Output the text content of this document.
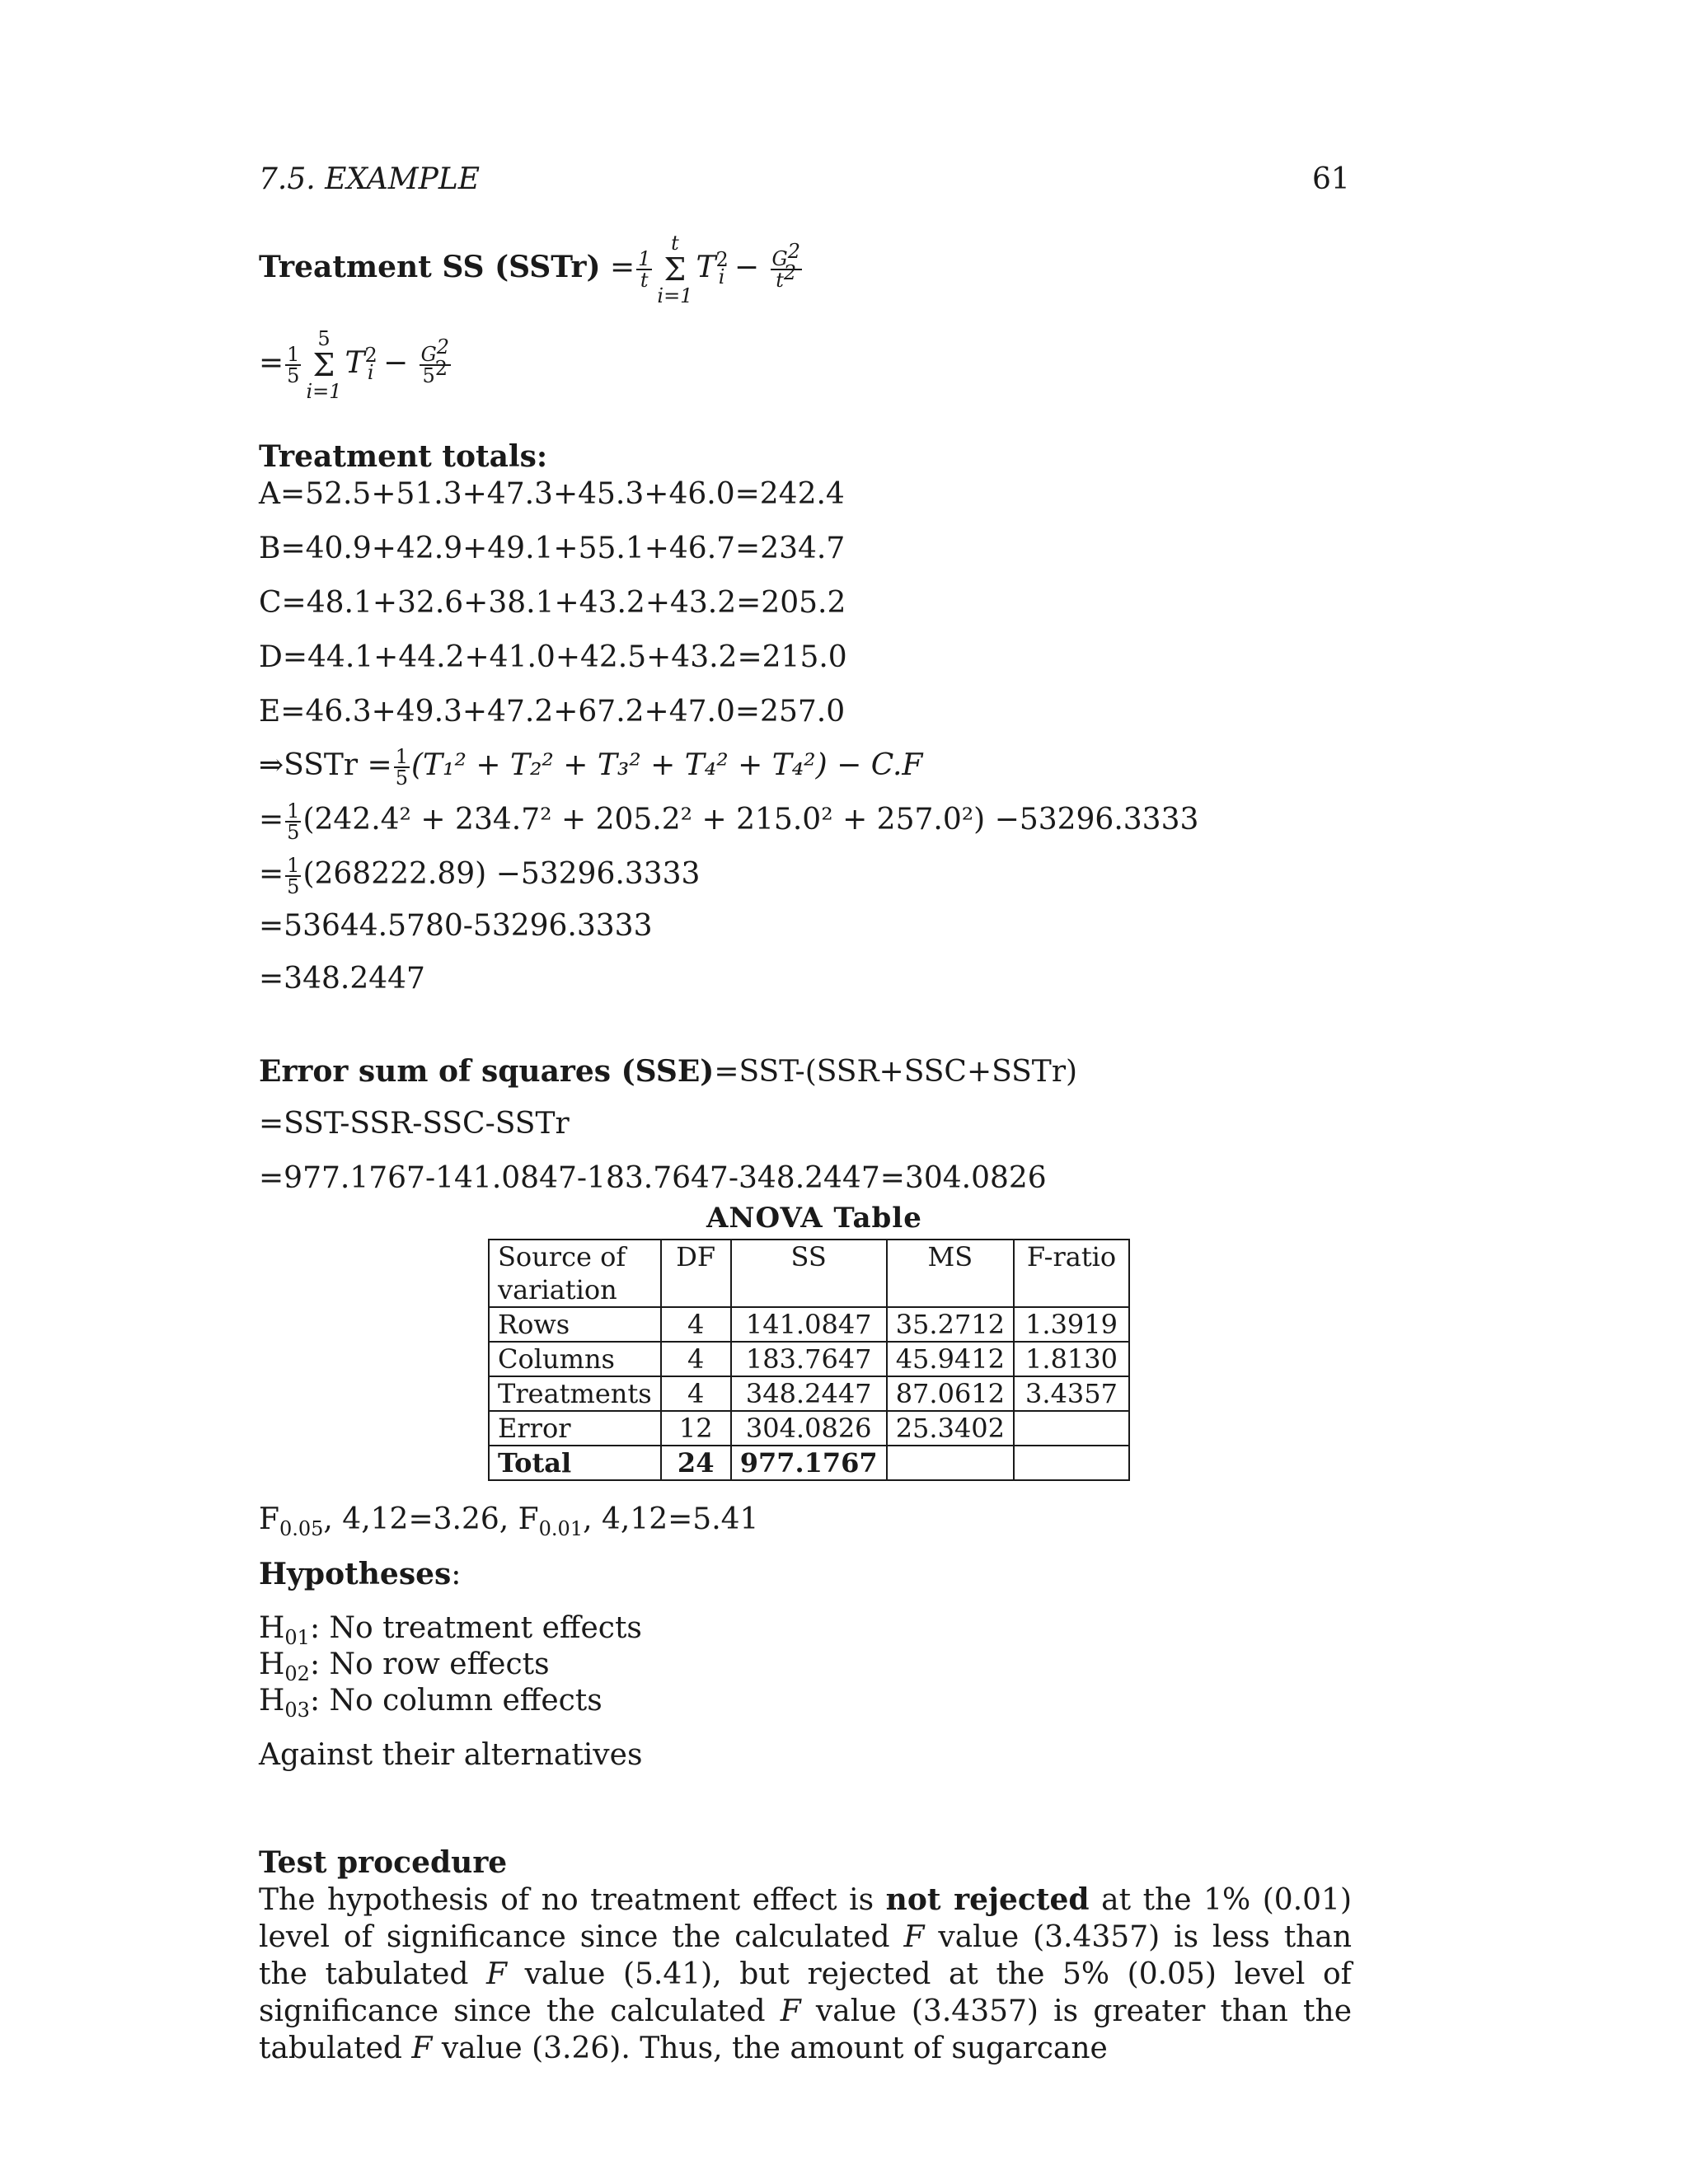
7.5. EXAMPLE	61
Treatment SS (SSTr) = $\frac{1}{t}$
t
Σ
i=1
$T^2_i - \frac{G^2}{t^2}$
= $\frac{1}{5}$
5
Σ
i=1
$T^2_i - \frac{G^2}{5^2}$
Treatment totals:
A=52.5+51.3+47.3+45.3+46.0=242.4
B=40.9+42.9+49.1+55.1+46.7=234.7
C=48.1+32.6+38.1+43.2+43.2=205.2
D=44.1+44.2+41.0+42.5+43.2=215.0
E=46.3+49.3+47.2+67.2+47.0=257.0
⇒SSTr = $\frac{1}{5} (T_1^2 + T_2^2 + T_3^2 + T_4^2 + T_4^2) - C.F$
= $\frac{1}{5} (242.4^2 + 234.7^2 + 205.2^2 + 215.0^2 + 257.0^2) -53296.3333$
= $\frac{1}{5} (268222.89) -53296.3333$
=53644.5780-53296.3333
=348.2447
Error sum of squares (SSE)=SST-(SSR+SSC+SSTr)
=SST-SSR-SSC-SSTr
=977.1767-141.0847-183.7647-348.2447=304.0826
ANOVA Table
Source of variation	DF	SS	MS	F-ratio
Rows	4	141.0847	35.2712	1.3919
Columns	4	183.7647	45.9412	1.8130
Treatments	4	348.2447	87.0612	3.4357
Error	12	304.0826	25.3402	
Total	24	977.1767		
$F_{0.05}$, 4,12=3.26, $F_{0.01}$, 4,12=5.41
Hypotheses:
$H_{01}$: No treatment effects
$H_{02}$: No row effects
$H_{03}$: No column effects
Against their alternatives
Test procedure
The hypothesis of no treatment effect is not rejected at the 1% (0.01) level of significance since the calculated F value (3.4357) is less than the tabulated F value (5.41), but rejected at the 5% (0.05) level of significance since the calculated F value (3.4357) is greater than the tabulated F value (3.26). Thus, the amount of sugarcane
